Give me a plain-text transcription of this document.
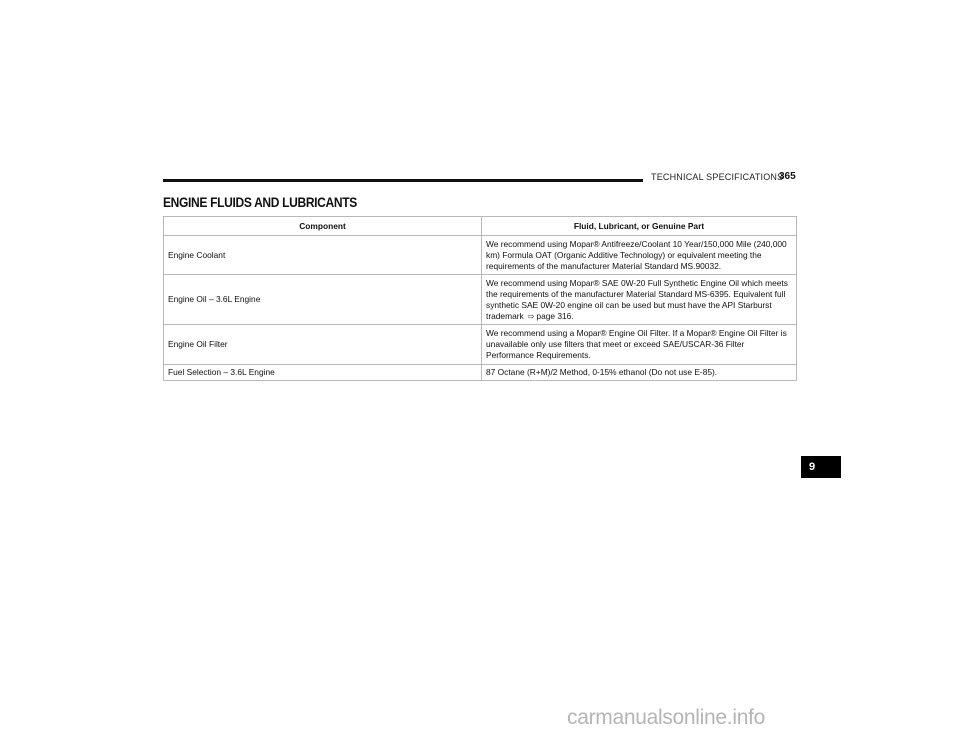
TECHNICAL SPECIFICATIONS
365
ENGINE FLUIDS AND LUBRICANTS
Component	Fluid, Lubricant, or Genuine Part
Engine Coolant	We recommend using Mopar® Antifreeze/Coolant 10 Year/150,000 Mile (240,000 km) Formula OAT (Organic Additive Technology) or equivalent meeting the requirements of the manufacturer Material Standard MS.90032.
Engine Oil – 3.6L Engine	We recommend using Mopar® SAE 0W-20 Full Synthetic Engine Oil which meets the requirements of the manufacturer Material Standard MS-6395. Equivalent full synthetic SAE 0W-20 engine oil can be used but must have the API Starburst trademark ⇨ page 316.
Engine Oil Filter	We recommend using a Mopar® Engine Oil Filter. If a Mopar® Engine Oil Filter is unavailable only use filters that meet or exceed SAE/USCAR-36 Filter Performance Requirements.
Fuel Selection – 3.6L Engine	87 Octane (R+M)/2 Method, 0-15% ethanol (Do not use E-85).
9
carmanualsonline.info
